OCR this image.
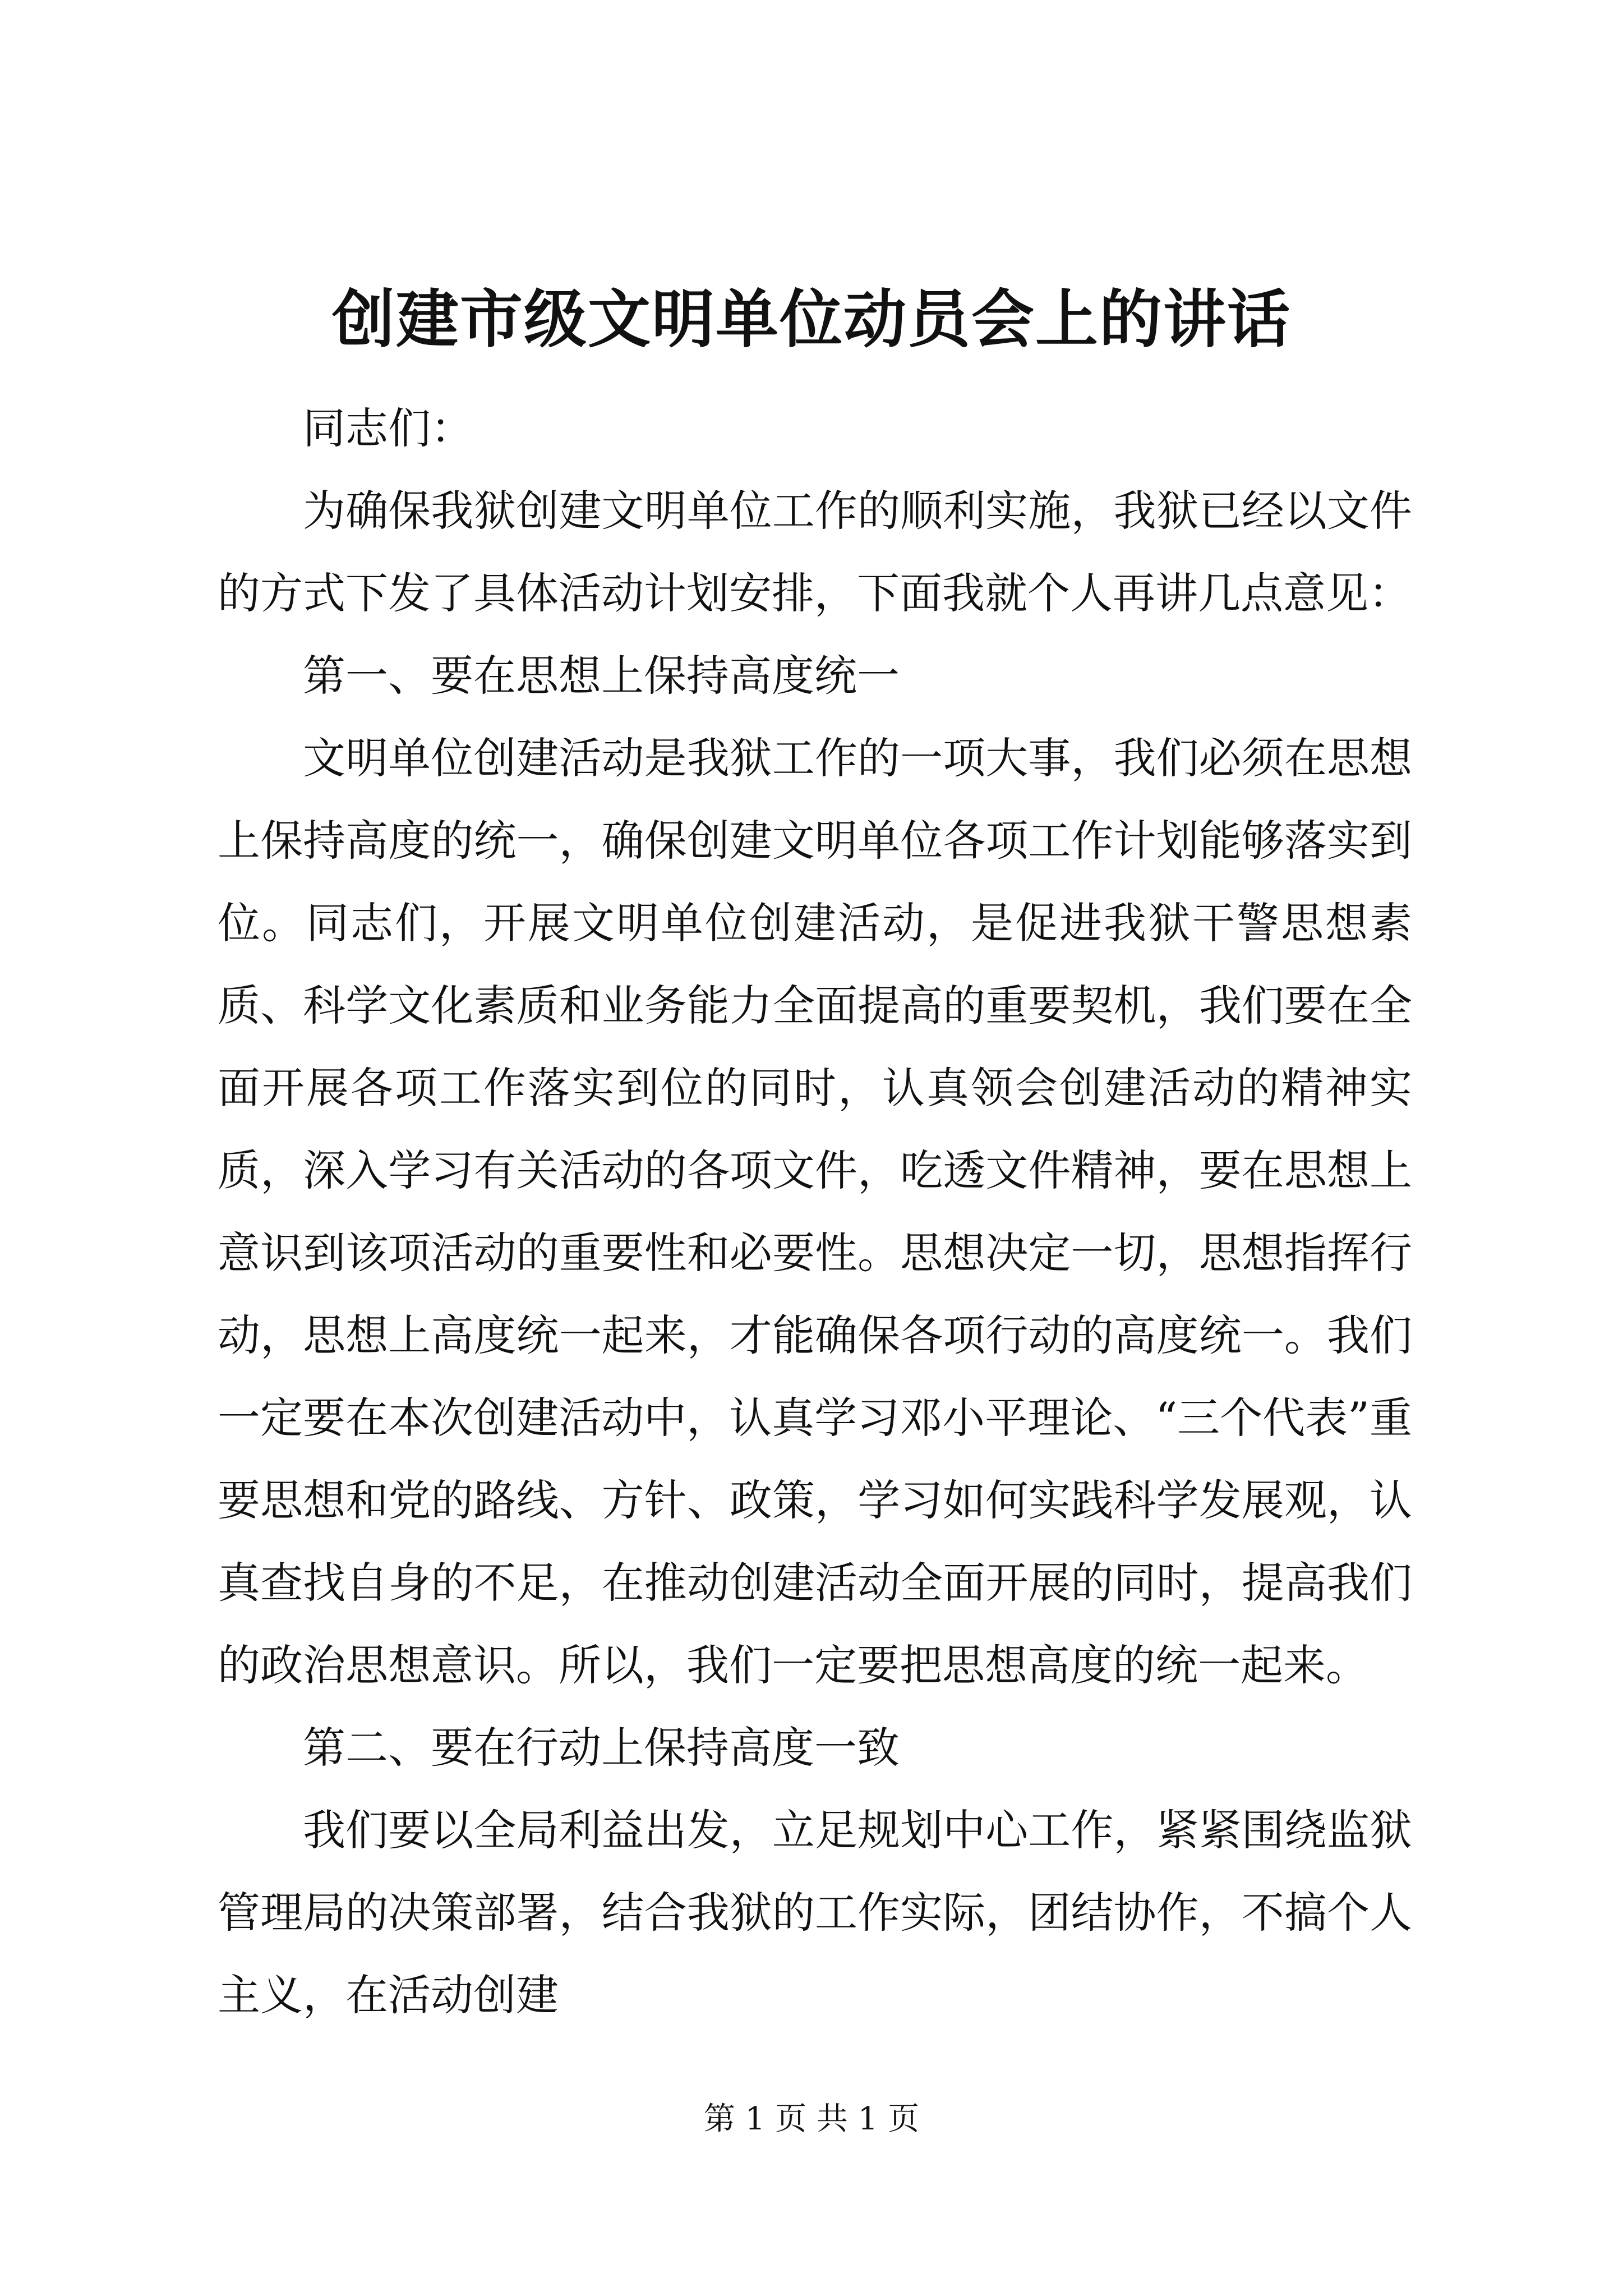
创建市级文明单位动员会上的讲话

同志们：

为确保我狱创建文明单位工作的顺利实施，我狱已经以文件的方式下发了具体活动计划安排，下面我就个人再讲几点意见：

第一、要在思想上保持高度统一

文明单位创建活动是我狱工作的一项大事，我们必须在思想上保持高度的统一，确保创建文明单位各项工作计划能够落实到位。同志们，开展文明单位创建活动，是促进我狱干警思想素质、科学文化素质和业务能力全面提高的重要契机，我们要在全面开展各项工作落实到位的同时，认真领会创建活动的精神实质，深入学习有关活动的各项文件，吃透文件精神，要在思想上意识到该项活动的重要性和必要性。思想决定一切，思想指挥行动，思想上高度统一起来，才能确保各项行动的高度统一。我们一定要在本次创建活动中，认真学习邓小平理论、“三个代表”重要思想和党的路线、方针、政策，学习如何实践科学发展观，认真查找自身的不足，在推动创建活动全面开展的同时，提高我们的政治思想意识。所以，我们一定要把思想高度的统一起来。

第二、要在行动上保持高度一致

我们要以全局利益出发，立足规划中心工作，紧紧围绕监狱管理局的决策部署，结合我狱的工作实际，团结协作，不搞个人主义，在活动创建

第 1 页 共 1 页
